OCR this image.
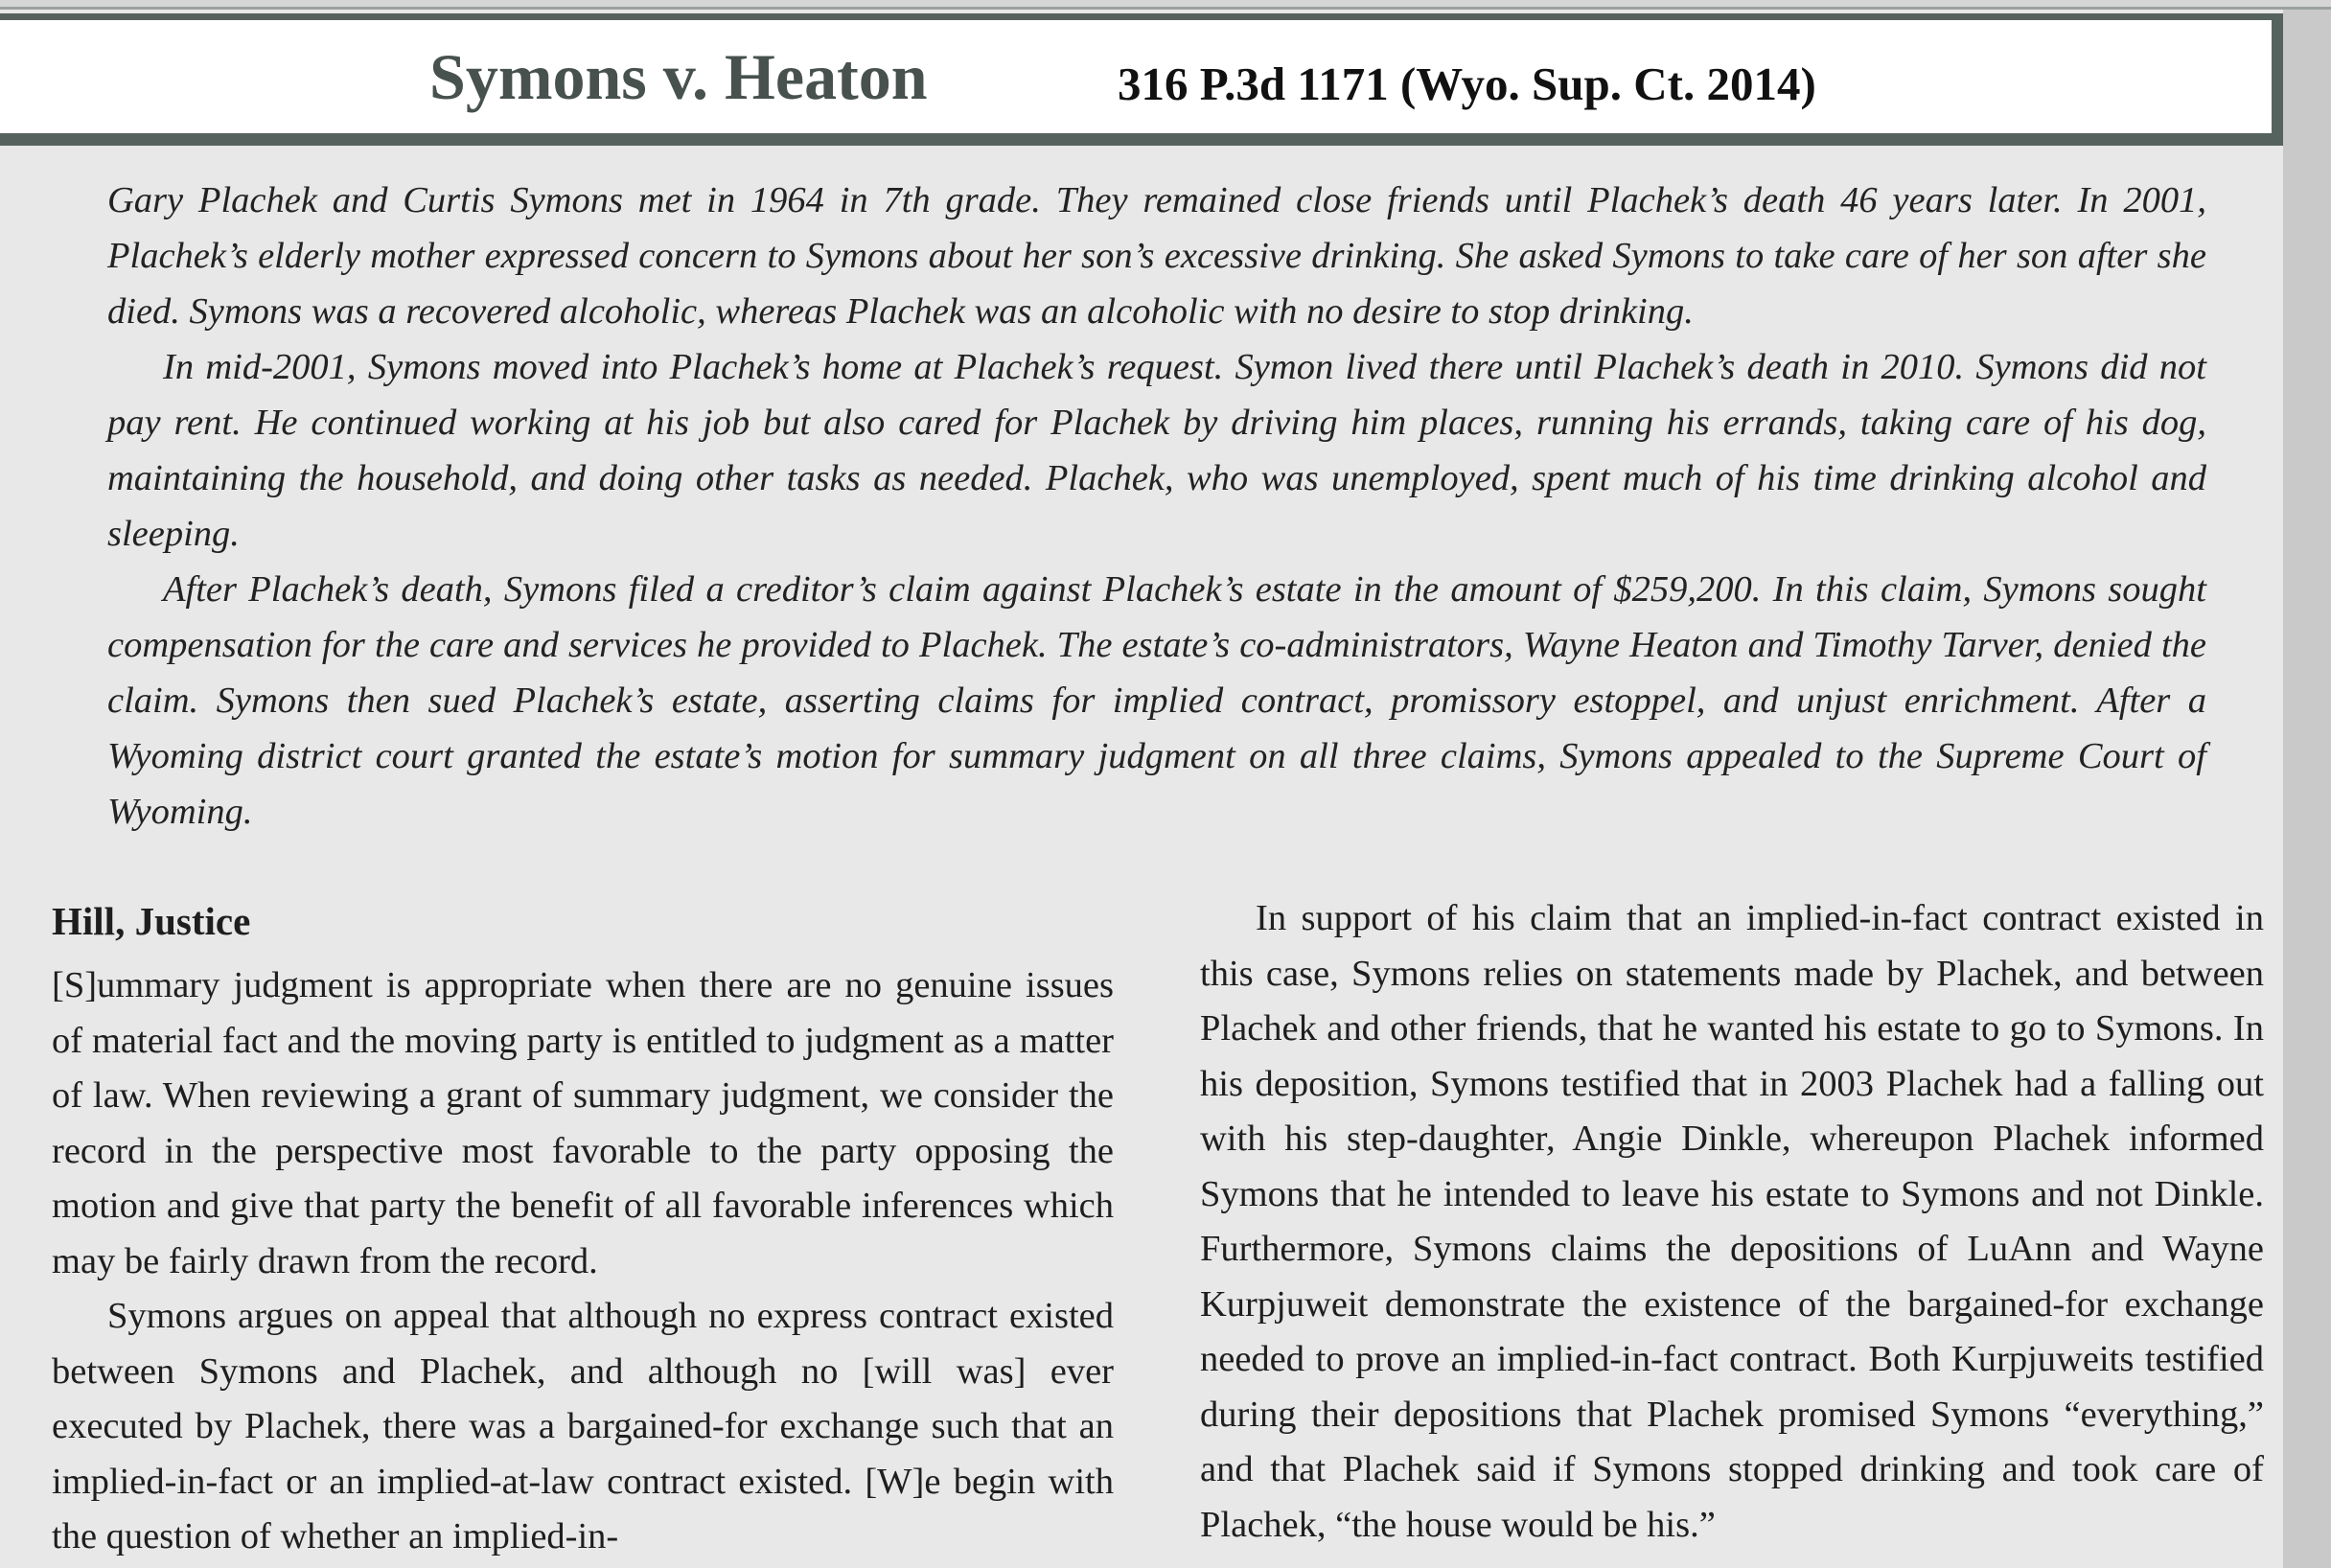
Symons v. Heaton	316 P.3d 1171 (Wyo. Sup. Ct. 2014)

Gary Plachek and Curtis Symons met in 1964 in 7th grade. They remained close friends until Plachek’s death 46 years later. In 2001, Plachek’s elderly mother expressed concern to Symons about her son’s excessive drinking. She asked Symons to take care of her son after she died. Symons was a recovered alcoholic, whereas Plachek was an alcoholic with no desire to stop drinking.

In mid-2001, Symons moved into Plachek’s home at Plachek’s request. Symon lived there until Plachek’s death in 2010. Symons did not pay rent. He continued working at his job but also cared for Plachek by driving him places, running his errands, taking care of his dog, maintaining the household, and doing other tasks as needed. Plachek, who was unemployed, spent much of his time drinking alcohol and sleeping.

After Plachek’s death, Symons filed a creditor’s claim against Plachek’s estate in the amount of $259,200. In this claim, Symons sought compensation for the care and services he provided to Plachek. The estate’s co-administrators, Wayne Heaton and Timothy Tarver, denied the claim. Symons then sued Plachek’s estate, asserting claims for implied contract, promissory estoppel, and unjust enrichment. After a Wyoming district court granted the estate’s motion for summary judgment on all three claims, Symons appealed to the Supreme Court of Wyoming.

Hill, Justice

[S]ummary judgment is appropriate when there are no genuine issues of material fact and the moving party is entitled to judgment as a matter of law. When reviewing a grant of summary judgment, we consider the record in the perspective most favorable to the party opposing the motion and give that party the benefit of all favorable inferences which may be fairly drawn from the record.

Symons argues on appeal that although no express contract existed between Symons and Plachek, and although no [will was] ever executed by Plachek, there was a bargained-for exchange such that an implied-in-fact or an implied-at-law contract existed. [W]e begin with the question of whether an implied-in-

In support of his claim that an implied-in-fact contract existed in this case, Symons relies on statements made by Plachek, and between Plachek and other friends, that he wanted his estate to go to Symons. In his deposition, Symons testified that in 2003 Plachek had a falling out with his step-daughter, Angie Dinkle, whereupon Plachek informed Symons that he intended to leave his estate to Symons and not Dinkle. Furthermore, Symons claims the depositions of LuAnn and Wayne Kurpjuweit demonstrate the existence of the bargained-for exchange needed to prove an implied-in-fact contract. Both Kurpjuweits testified during their depositions that Plachek promised Symons “everything,” and that Plachek said if Symons stopped drinking and took care of Plachek, “the house would be his.”
